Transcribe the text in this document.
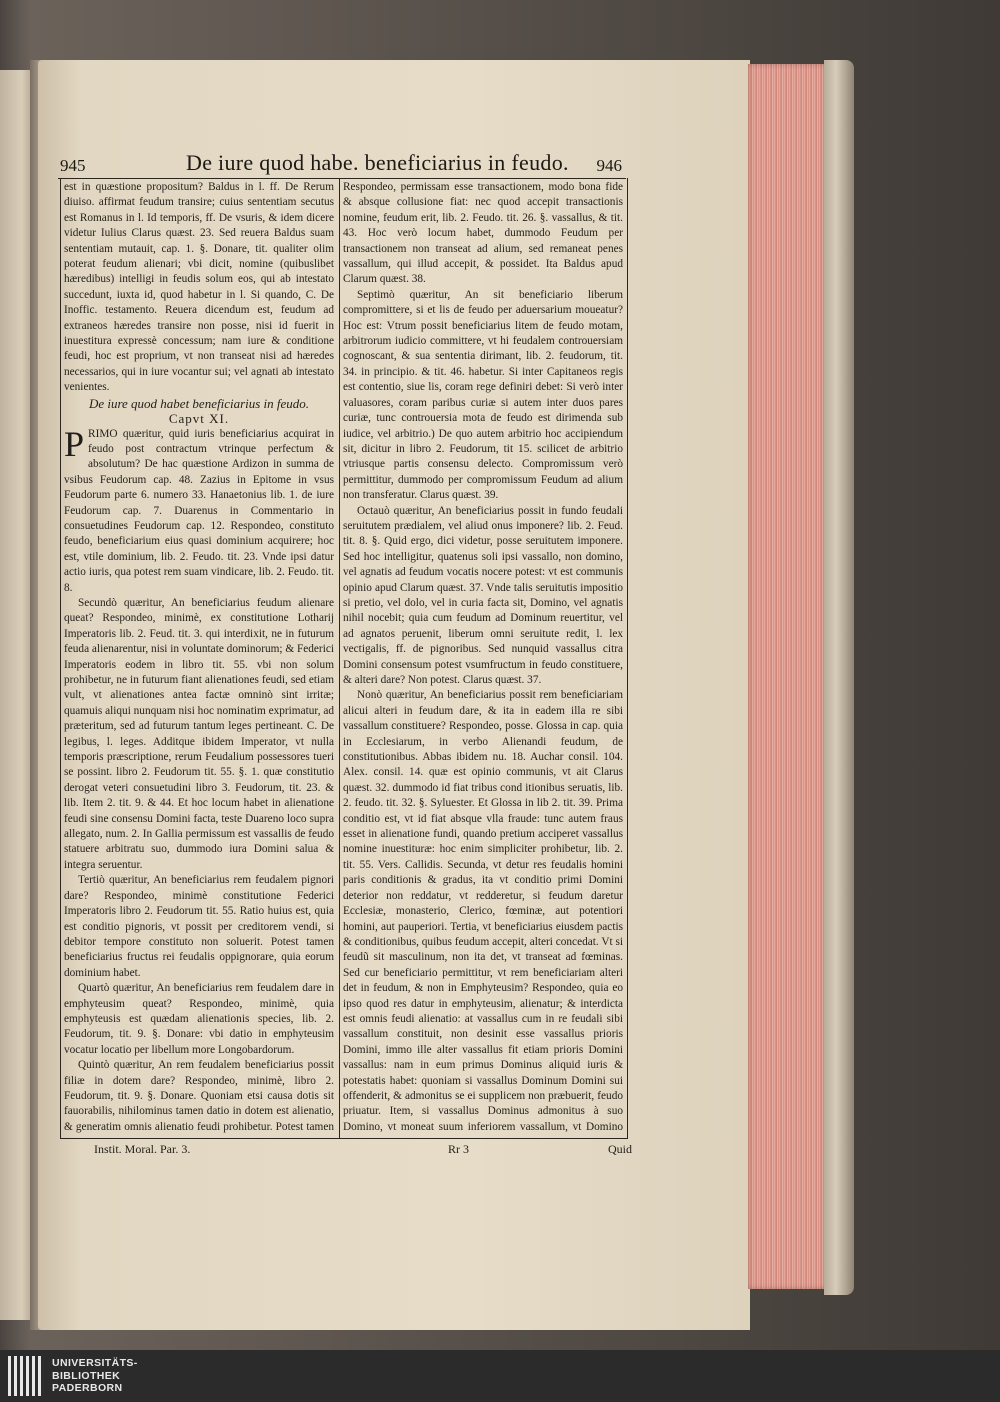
945	De iure quod habe. beneficiarius in feudo. 946

est in quæstione propositum? Baldus in l. ff. De Rerum diuiso. affirmat feudum transire; cuius sententiam secutus est Romanus in l. Id temporis, ff. De vsuris, & idem dicere videtur Iulius Clarus quæst. 23. Sed reuera Baldus suam sententiam mutauit, cap. 1. §. Donare, tit. qualiter olim poterat feudum alienari; vbi dicit, nomine (quibuslibet hæredibus) intelligi in feudis solum eos, qui ab intestato succedunt, iuxta id, quod habetur in l. Si quando, C. De Inoffic. testamento. Reuera dicendum est, feudum ad extraneos hæredes transire non posse, nisi id fuerit in inuestitura expressè concessum; nam iure & conditione feudi, hoc est proprium, vt non transeat nisi ad hæredes necessarios, qui in iure vocantur sui; vel agnati ab intestato venientes.

De iure quod habet beneficiarius in feudo.

Capvt XI.

PRIMO quæritur, quid iuris beneficiarius acquirat in feudo post contractum vtrinque perfectum & absolutum? De hac quæstione Ardizon in summa de vsibus Feudorum cap. 48. Zazius in Epitome in vsus Feudorum parte 6. numero 33. Hanaetonius lib. 1. de iure Feudorum cap. 7. Duarenus in Commentario in consuetudines Feudorum cap. 12. Respondeo, constituto feudo, beneficiarium eius quasi dominium acquirere; hoc est, vtile dominium, lib. 2. Feudo. tit. 23. Vnde ipsi datur actio iuris, qua potest rem suam vindicare, lib. 2. Feudo. tit. 8.

Secundò quæritur, An beneficiarius feudum alienare queat? Respondeo, minimè, ex constitutione Lotharij Imperatoris lib. 2. Feud. tit. 3. qui interdixit, ne in futurum feuda alienarentur, nisi in voluntate dominorum; & Federici Imperatoris eodem in libro tit. 55. vbi non solum prohibetur, ne in futurum fiant alienationes feudi, sed etiam vult, vt alienationes antea factæ omninò sint irritæ; quamuis aliqui nunquam nisi hoc nominatim exprimatur, ad præteritum, sed ad futurum tantum leges pertineant. C. De legibus, l. leges. Additque ibidem Imperator, vt nulla temporis præscriptione, rerum Feudalium possessores tueri se possint. libro 2. Feudorum tit. 55. §. 1. quæ constitutio derogat veteri consuetudini libro 3. Feudorum, tit. 23. & lib. Item 2. tit. 9. & 44. Et hoc locum habet in alienatione feudi sine consensu Domini facta, teste Duareno loco supra allegato, num. 2. In Gallia permissum est vassallis de feudo statuere arbitratu suo, dummodo iura Domini salua & integra seruentur.

Tertiò quæritur, An beneficiarius rem feudalem pignori dare? Respondeo, minimè constitutione Federici Imperatoris libro 2. Feudorum tit. 55. Ratio huius est, quia est conditio pignoris, vt possit per creditorem vendi, si debitor tempore constituto non soluerit. Potest tamen beneficiarius fructus rei feudalis oppignorare, quia eorum dominium habet.

Quartò quæritur, An beneficiarius rem feudalem dare in emphyteusim queat? Respondeo, minimè, quia emphyteusis est quædam alienationis species, lib. 2. Feudorum, tit. 9. §. Donare: vbi datio in emphyteusim vocatur locatio per libellum more Longobardorum.

Quintò quæritur, An rem feudalem beneficiarius possit filiæ in dotem dare? Respondeo, minimè, libro 2. Feudorum, tit. 9. §. Donare. Quoniam etsi causa dotis sit fauorabilis, nihilominus tamen datio in dotem est alienatio, & generatim omnis alienatio feudi prohibetur. Potest tamen

Respondeo, permissam esse transactionem, modo bona fide & absque collusione fiat: nec quod accepit transactionis nomine, feudum erit, lib. 2. Feudo. tit. 26. §. vassallus, & tit. 43. Hoc verò locum habet, dummodo Feudum per transactionem non transeat ad alium, sed remaneat penes vassallum, qui illud accepit, & possidet. Ita Baldus apud Clarum quæst. 38.

Septimò quæritur, An sit beneficiario liberum compromittere, si et lis de feudo per aduersarium moueatur? Hoc est: Vtrum possit beneficiarius litem de feudo motam, arbitrorum iudicio committere, vt hi feudalem controuersiam cognoscant, & sua sententia dirimant, lib. 2. feudorum, tit. 34. in principio. & tit. 46. habetur. Si inter Capitaneos regis est contentio, siue lis, coram rege definiri debet: Si verò inter valuasores, coram paribus curiæ si autem inter duos pares curiæ, tunc controuersia mota de feudo est dirimenda sub iudice, vel arbitrio.) De quo autem arbitrio hoc accipiendum sit, dicitur in libro 2. Feudorum, tit 15. scilicet de arbitrio vtriusque partis consensu delecto. Compromissum verò permittitur, dummodo per compromissum Feudum ad alium non transferatur. Clarus quæst. 39.

Octauò quæritur, An beneficiarius possit in fundo feudali seruitutem prædialem, vel aliud onus imponere? lib. 2. Feud. tit. 8. §. Quid ergo, dici videtur, posse seruitutem imponere. Sed hoc intelligitur, quatenus soli ipsi vassallo, non domino, vel agnatis ad feudum vocatis nocere potest: vt est communis opinio apud Clarum quæst. 37. Vnde talis seruitutis impositio si pretio, vel dolo, vel in curia facta sit, Domino, vel agnatis nihil nocebit; quia cum feudum ad Dominum reuertitur, vel ad agnatos peruenit, liberum omni seruitute redit, l. lex vectigalis, ff. de pignoribus. Sed nunquid vassallus citra Domini consensum potest vsumfructum in feudo constituere, & alteri dare? Non potest. Clarus quæst. 37.

Nonò quæritur, An beneficiarius possit rem beneficiariam alicui alteri in feudum dare, & ita in eadem illa re sibi vassallum constituere? Respondeo, posse. Glossa in cap. quia in Ecclesiarum, in verbo Alienandi feudum, de constitutionibus. Abbas ibidem nu. 18. Auchar consil. 104. Alex. consil. 14. quæ est opinio communis, vt ait Clarus quæst. 32. dummodo id fiat tribus cond itionibus seruatis, lib. 2. feudo. tit. 32. §. Syluester. Et Glossa in lib 2. tit. 39. Prima conditio est, vt id fiat absque vlla fraude: tunc autem fraus esset in alienatione fundi, quando pretium acciperet vassallus nomine inuestituræ: hoc enim simpliciter prohibetur, lib. 2. tit. 55. Vers. Callidis. Secunda, vt detur res feudalis homini paris conditionis & gradus, ita vt conditio primi Domini deterior non reddatur, vt redderetur, si feudum daretur Ecclesiæ, monasterio, Clerico, fœminæ, aut potentiori homini, aut pauperiori. Tertia, vt beneficiarius eiusdem pactis & conditionibus, quibus feudum accepit, alteri concedat. Vt si feudũ sit masculinum, non ita det, vt transeat ad fœminas. Sed cur beneficiario permittitur, vt rem beneficiariam alteri det in feudum, & non in Emphyteusim? Respondeo, quia eo ipso quod res datur in emphyteusim, alienatur; & interdicta est omnis feudi alienatio: at vassallus cum in re feudali sibi vassallum constituit, non desinit esse vassallus prioris Domini, immo ille alter vassallus fit etiam prioris Domini vassallus: nam in eum primus Dominus aliquid iuris & potestatis habet: quoniam si vassallus Dominum Domini sui offenderit, & admonitus se ei supplicem non præbuerit, feudo priuatur. Item, si vassallus Dominus admonitus à suo Domino, vt moneat suum inferiorem vassallum, vt Domino

Instit. Moral. Par. 3.	Rr 3	Quid
UNIVERSITÄTS-
BIBLIOTHEK
PADERBORN
